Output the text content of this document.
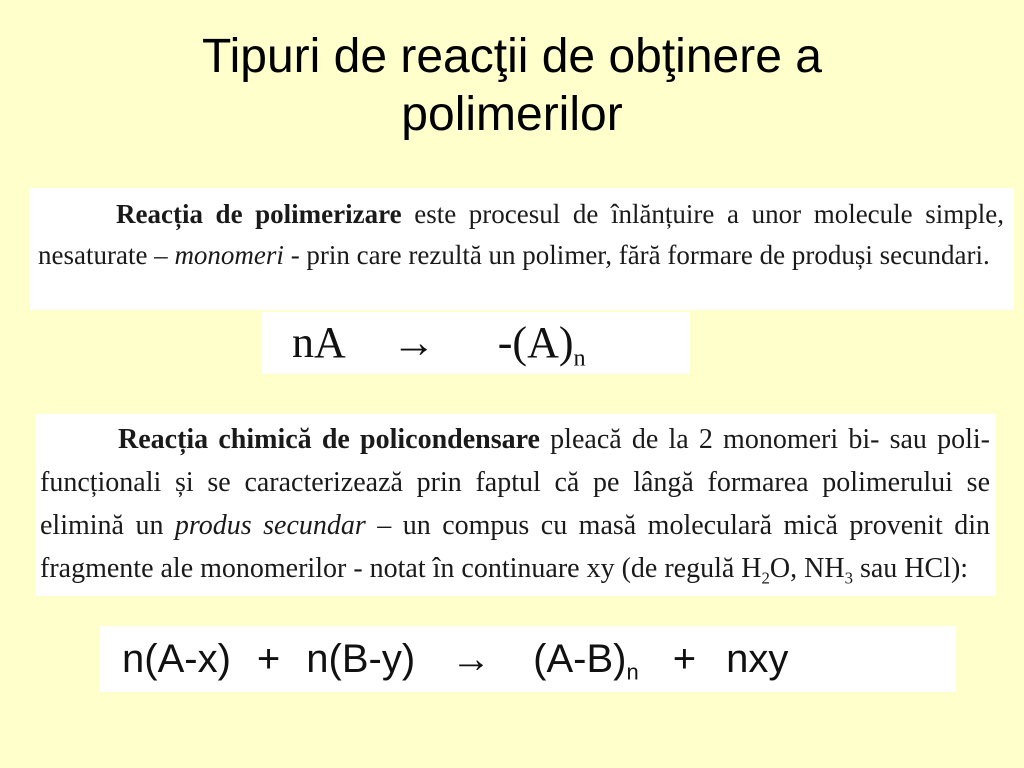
Tipuri de reacţii de obţinere a
polimerilor
Reacția de polimerizare este procesul de înlănțuire a unor molecule simple, nesaturate – monomeri - prin care rezultă un polimer, fără formare de produși secundari.
nA → -(A)n
Reacția chimică de policondensare pleacă de la 2 monomeri bi- sau poli-funcționali și se caracterizează prin faptul că pe lângă formarea polimerului se elimină un produs secundar – un compus cu masă moleculară mică provenit din fragmente ale monomerilor - notat în continuare xy (de regulă $H_2O$, $NH_3$ sau HCl):
n(A-x) + n(B-y) → (A-B)n + nxy
